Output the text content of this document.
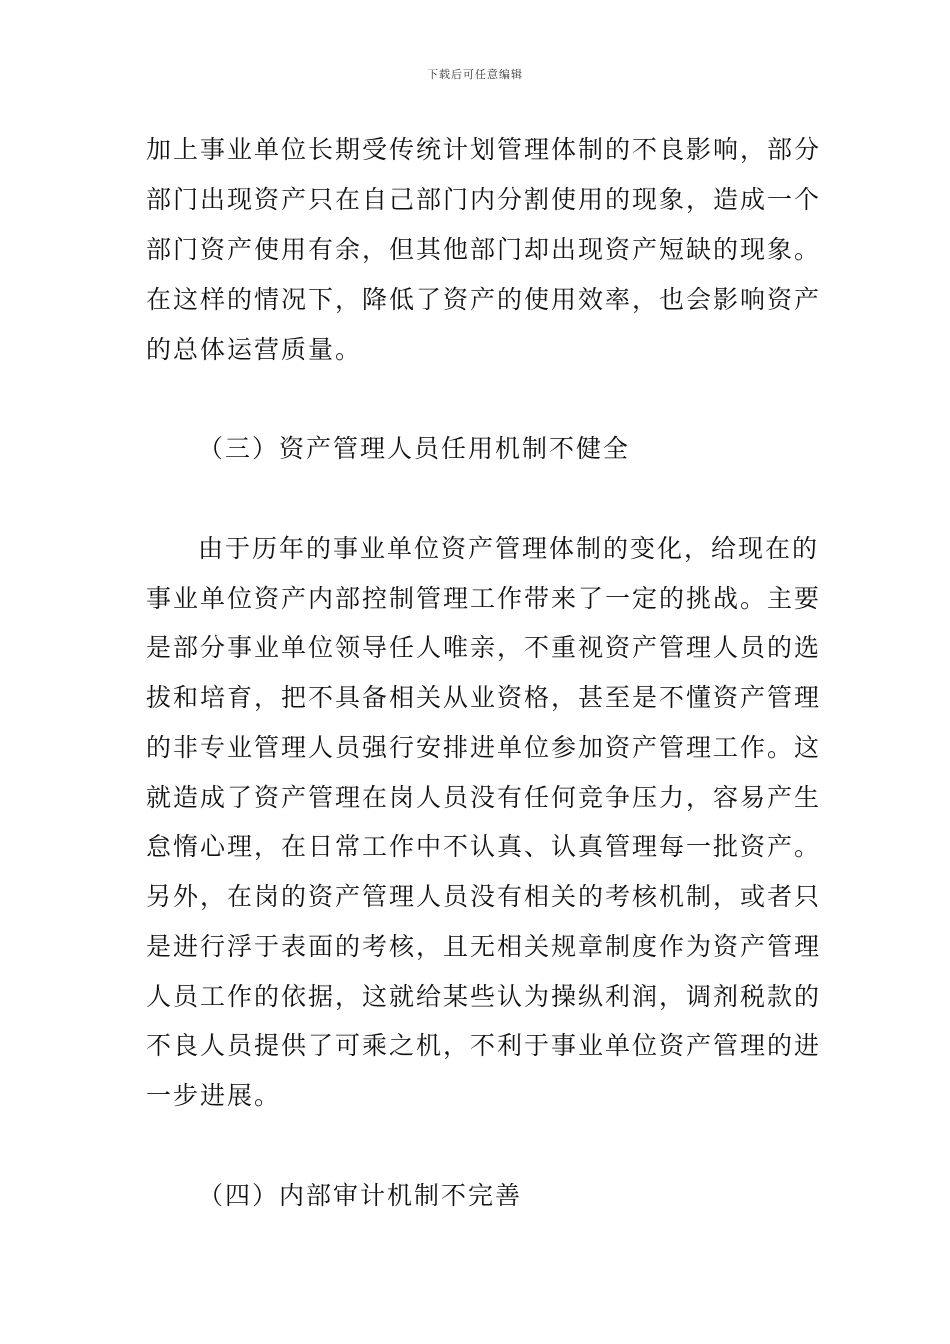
下载后可任意编辑
加上事业单位长期受传统计划管理体制的不良影响，部分
部门出现资产只在自己部门内分割使用的现象，造成一个
部门资产使用有余，但其他部门却出现资产短缺的现象。
在这样的情况下，降低了资产的使用效率，也会影响资产
的总体运营质量。
（三）资产管理人员任用机制不健全
由于历年的事业单位资产管理体制的变化，给现在的
事业单位资产内部控制管理工作带来了一定的挑战。主要
是部分事业单位领导任人唯亲，不重视资产管理人员的选
拔和培育，把不具备相关从业资格，甚至是不懂资产管理
的非专业管理人员强行安排进单位参加资产管理工作。这
就造成了资产管理在岗人员没有任何竞争压力，容易产生
怠惰心理，在日常工作中不认真、认真管理每一批资产。
另外，在岗的资产管理人员没有相关的考核机制，或者只
是进行浮于表面的考核，且无相关规章制度作为资产管理
人员工作的依据，这就给某些认为操纵利润，调剂税款的
不良人员提供了可乘之机，不利于事业单位资产管理的进
一步进展。
（四）内部审计机制不完善
